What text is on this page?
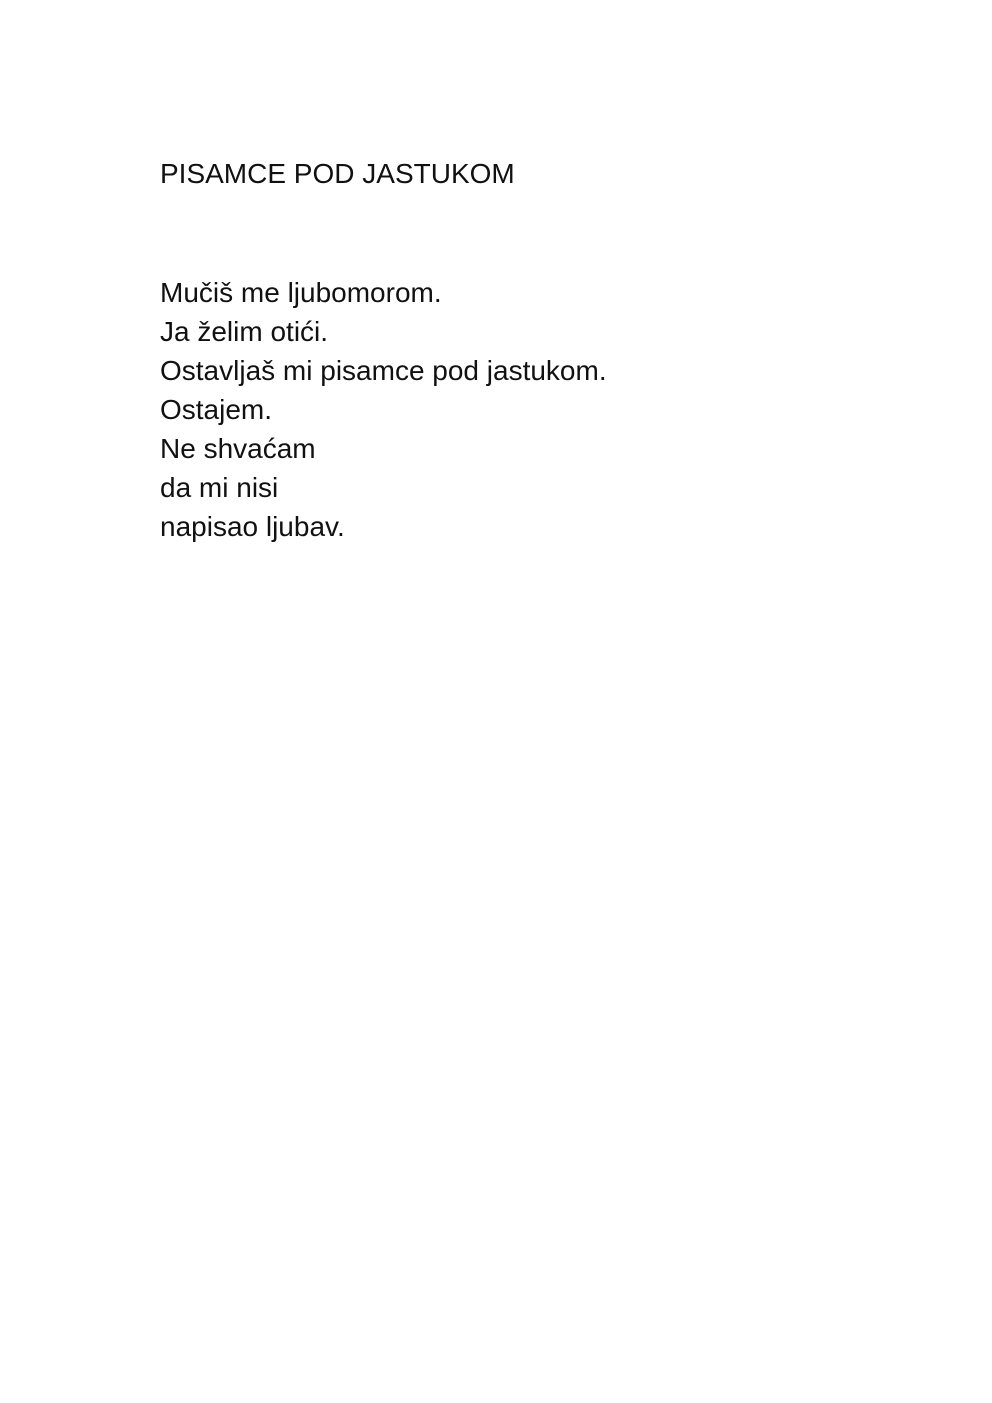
PISAMCE POD JASTUKOM
Mučiš me ljubomorom.
Ja želim otići.
Ostavljaš mi pisamce pod jastukom.
Ostajem.
Ne shvaćam
da mi nisi
napisao ljubav.
